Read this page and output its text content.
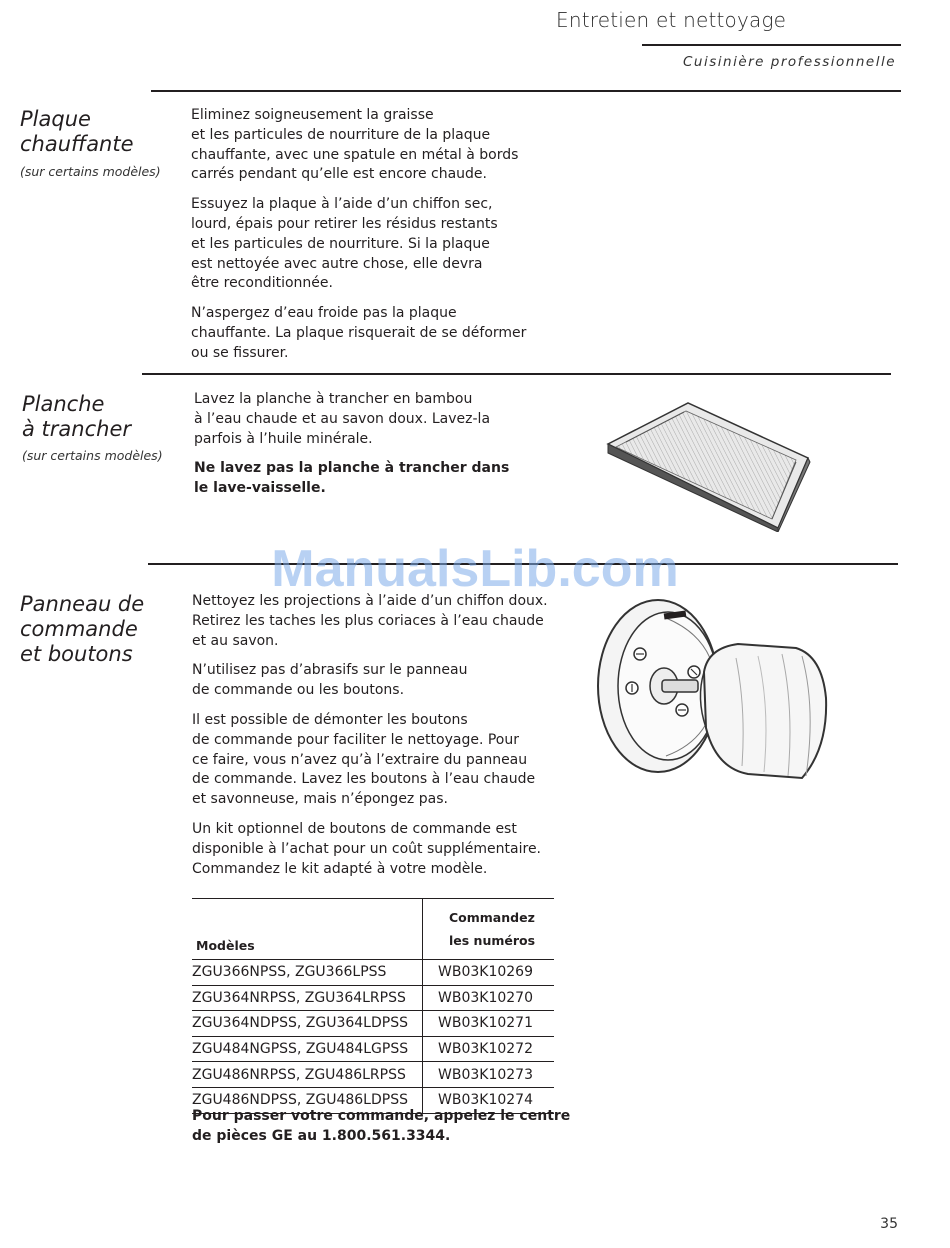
Entretien et nettoyage
Cuisinière professionnelle
Plaque
chauffante
(sur certains modèles)

Eliminez soigneusement la graisse
et les particules de nourriture de la plaque
chauffante, avec une spatule en métal à bords
carrés pendant qu’elle est encore chaude.

Essuyez la plaque à l’aide d’un chiffon sec,
lourd, épais pour retirer les résidus restants
et les particules de nourriture. Si la plaque
est nettoyée avec autre chose, elle devra
être reconditionnée.

N’aspergez d’eau froide pas la plaque
chauffante. La plaque risquerait de se déformer
ou se fissurer.

Planche
à trancher
(sur certains modèles)

Lavez la planche à trancher en bambou
à l’eau chaude et au savon doux. Lavez-la
parfois à l’huile minérale.

Ne lavez pas la planche à trancher dans
le lave-vaisselle.

ManualsLib.com
Panneau de
commande
et boutons

Nettoyez les projections à l’aide d’un chiffon doux.
Retirez les taches les plus coriaces à l’eau chaude
et au savon.

N’utilisez pas d’abrasifs sur le panneau
de commande ou les boutons.

Il est possible de démonter les boutons
de commande pour faciliter le nettoyage. Pour
ce faire, vous n’avez qu’à l’extraire du panneau
de commande. Lavez les boutons à l’eau chaude
et savonneuse, mais n’épongez pas.

Un kit optionnel de boutons de commande est
disponible à l’achat pour un coût supplémentaire.
Commandez le kit adapté à votre modèle.

Modèles	Commandez
les numéros

ZGU366NPSS, ZGU366LPSS	WB03K10269
ZGU364NRPSS, ZGU364LRPSS	WB03K10270
ZGU364NDPSS, ZGU364LDPSS	WB03K10271
ZGU484NGPSS, ZGU484LGPSS	WB03K10272
ZGU486NRPSS, ZGU486LRPSS	WB03K10273
ZGU486NDPSS, ZGU486LDPSS	WB03K10274
Pour passer votre commande, appelez le centre
de pièces GE au 1.800.561.3344.
35
